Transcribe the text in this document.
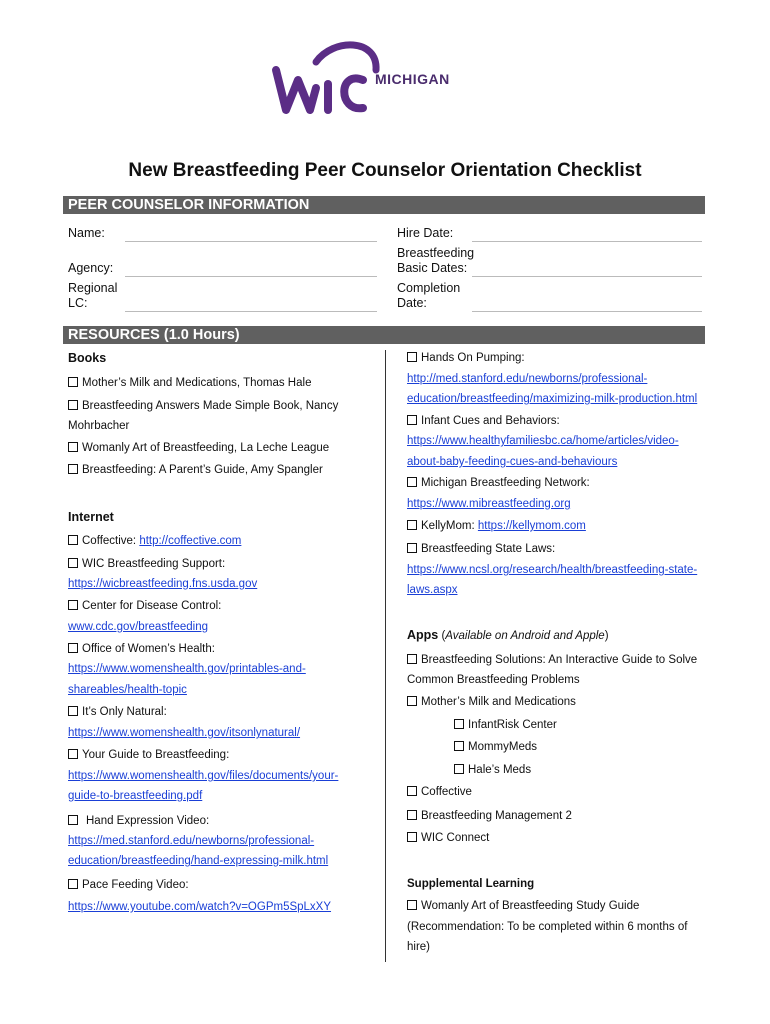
MICHIGAN
New Breastfeeding Peer Counselor Orientation Checklist
PEER COUNSELOR INFORMATION
Name:
Agency:
Regional
LC:
Hire Date:
Breastfeeding
Basic Dates:
Completion
Date:
RESOURCES (1.0 Hours)
Books
Mother’s Milk and Medications, Thomas Hale
Breastfeeding Answers Made Simple Book, Nancy
Mohrbacher
Womanly Art of Breastfeeding, La Leche League
Breastfeeding: A Parent’s Guide, Amy Spangler
Internet
Coffective: http://coffective.com
WIC Breastfeeding Support:
https://wicbreastfeeding.fns.usda.gov
Center for Disease Control:
www.cdc.gov/breastfeeding
Office of Women’s Health:
https://www.womenshealth.gov/printables-and-
shareables/health-topic
It’s Only Natural:
https://www.womenshealth.gov/itsonlynatural/
Your Guide to Breastfeeding:
https://www.womenshealth.gov/files/documents/your-
guide-to-breastfeeding.pdf
Hand Expression Video:
https://med.stanford.edu/newborns/professional-
education/breastfeeding/hand-expressing-milk.html
Pace Feeding Video:
https://www.youtube.com/watch?v=OGPm5SpLxXY
Hands On Pumping:
http://med.stanford.edu/newborns/professional-
education/breastfeeding/maximizing-milk-production.html
Infant Cues and Behaviors:
https://www.healthyfamiliesbc.ca/home/articles/video-
about-baby-feeding-cues-and-behaviours
Michigan Breastfeeding Network:
https://www.mibreastfeeding.org
KellyMom: https://kellymom.com
Breastfeeding State Laws:
https://www.ncsl.org/research/health/breastfeeding-state-
laws.aspx
Apps (Available on Android and Apple)
Breastfeeding Solutions: An Interactive Guide to Solve
Common Breastfeeding Problems
Mother’s Milk and Medications
InfantRisk Center
MommyMeds
Hale’s Meds
Coffective
Breastfeeding Management 2
WIC Connect
Supplemental Learning
Womanly Art of Breastfeeding Study Guide
(Recommendation: To be completed within 6 months of
hire)
